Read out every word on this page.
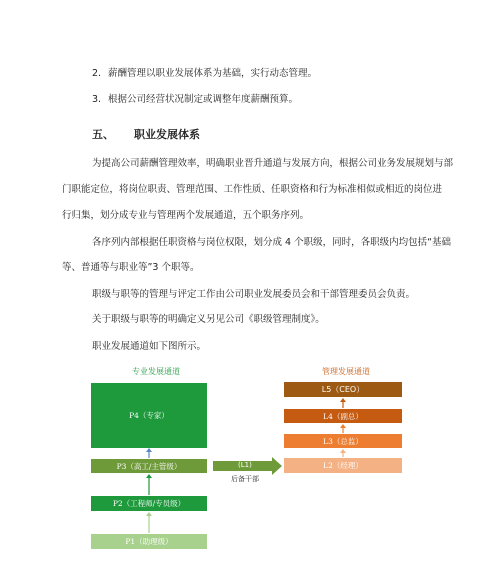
2. 薪酬管理以职业发展体系为基础，实行动态管理。
3. 根据公司经营状况制定或调整年度薪酬预算。
五、 职业发展体系
为提高公司薪酬管理效率，明确职业晋升通道与发展方向，根据公司业务发展规划与部
门职能定位，将岗位职责、管理范围、工作性质、任职资格和行为标准相似或相近的岗位进
行归集，划分成专业与管理两个发展通道，五个职务序列。
各序列内部根据任职资格与岗位权限，划分成 4 个职级，同时，各职级内均包括“基础
等、普通等与职业等”3 个职等。
职级与职等的管理与评定工作由公司职业发展委员会和干部管理委员会负责。
关于职级与职等的明确定义另见公司《职级管理制度》。
职业发展通道如下图所示。
专业发展通道	管理发展通道
P4（专家）
P3（高工/主管级）
P2（工程师/专员级）
P1（助理级）
L5（CEO）
L4（副总）
L3（总监）
L2（经理）
(L1)
后备干部
